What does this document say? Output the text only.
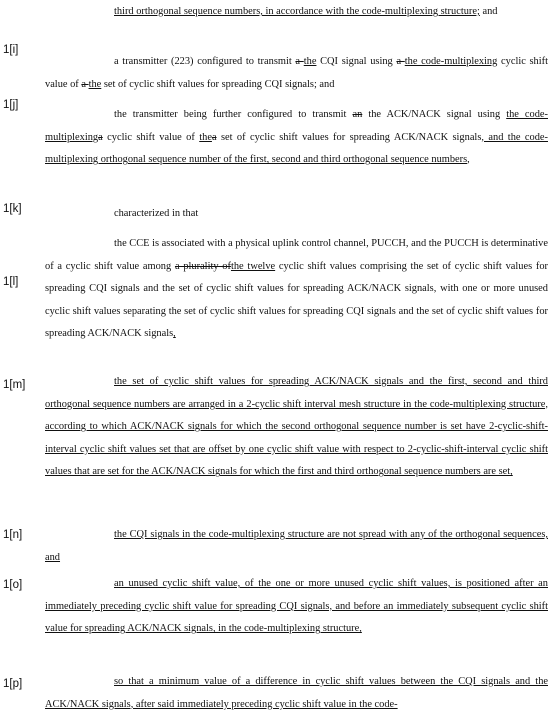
1[i]
1[j]
1[k]
1[l]
1[m]
1[n]
1[o]
1[p]
third orthogonal sequence numbers, in accordance with the code-multiplexing structure; and
a transmitter (223) configured to transmit a the CQI signal using a the code-multiplexing cyclic shift value of a the set of cyclic shift values for spreading CQI signals; and
the transmitter being further configured to transmit an the ACK/NACK signal using the code-multiplexinga cyclic shift value of thea set of cyclic shift values for spreading ACK/NACK signals, and the code-multiplexing orthogonal sequence number of the first, second and third orthogonal sequence numbers,
characterized in that
the CCE is associated with a physical uplink control channel, PUCCH, and the PUCCH is determinative of a cyclic shift value among a plurality ofthe twelve cyclic shift values comprising the set of cyclic shift values for spreading CQI signals and the set of cyclic shift values for spreading ACK/NACK signals, with one or more unused cyclic shift values separating the set of cyclic shift values for spreading CQI signals and the set of cyclic shift values for spreading ACK/NACK signals,
the set of cyclic shift values for spreading ACK/NACK signals and the first, second and third orthogonal sequence numbers are arranged in a 2-cyclic shift interval mesh structure in the code-multiplexing structure, according to which ACK/NACK signals for which the second orthogonal sequence number is set have 2-cyclic-shift-interval cyclic shift values set that are offset by one cyclic shift value with respect to 2-cyclic-shift-interval cyclic shift values that are set for the ACK/NACK signals for which the first and third orthogonal sequence numbers are set,
the CQI signals in the code-multiplexing structure are not spread with any of the orthogonal sequences, and
an unused cyclic shift value, of the one or more unused cyclic shift values, is positioned after an immediately preceding cyclic shift value for spreading CQI signals, and before an immediately subsequent cyclic shift value for spreading ACK/NACK signals, in the code-multiplexing structure,
so that a minimum value of a difference in cyclic shift values between the CQI signals and the ACK/NACK signals, after said immediately preceding cyclic shift value in the code-
